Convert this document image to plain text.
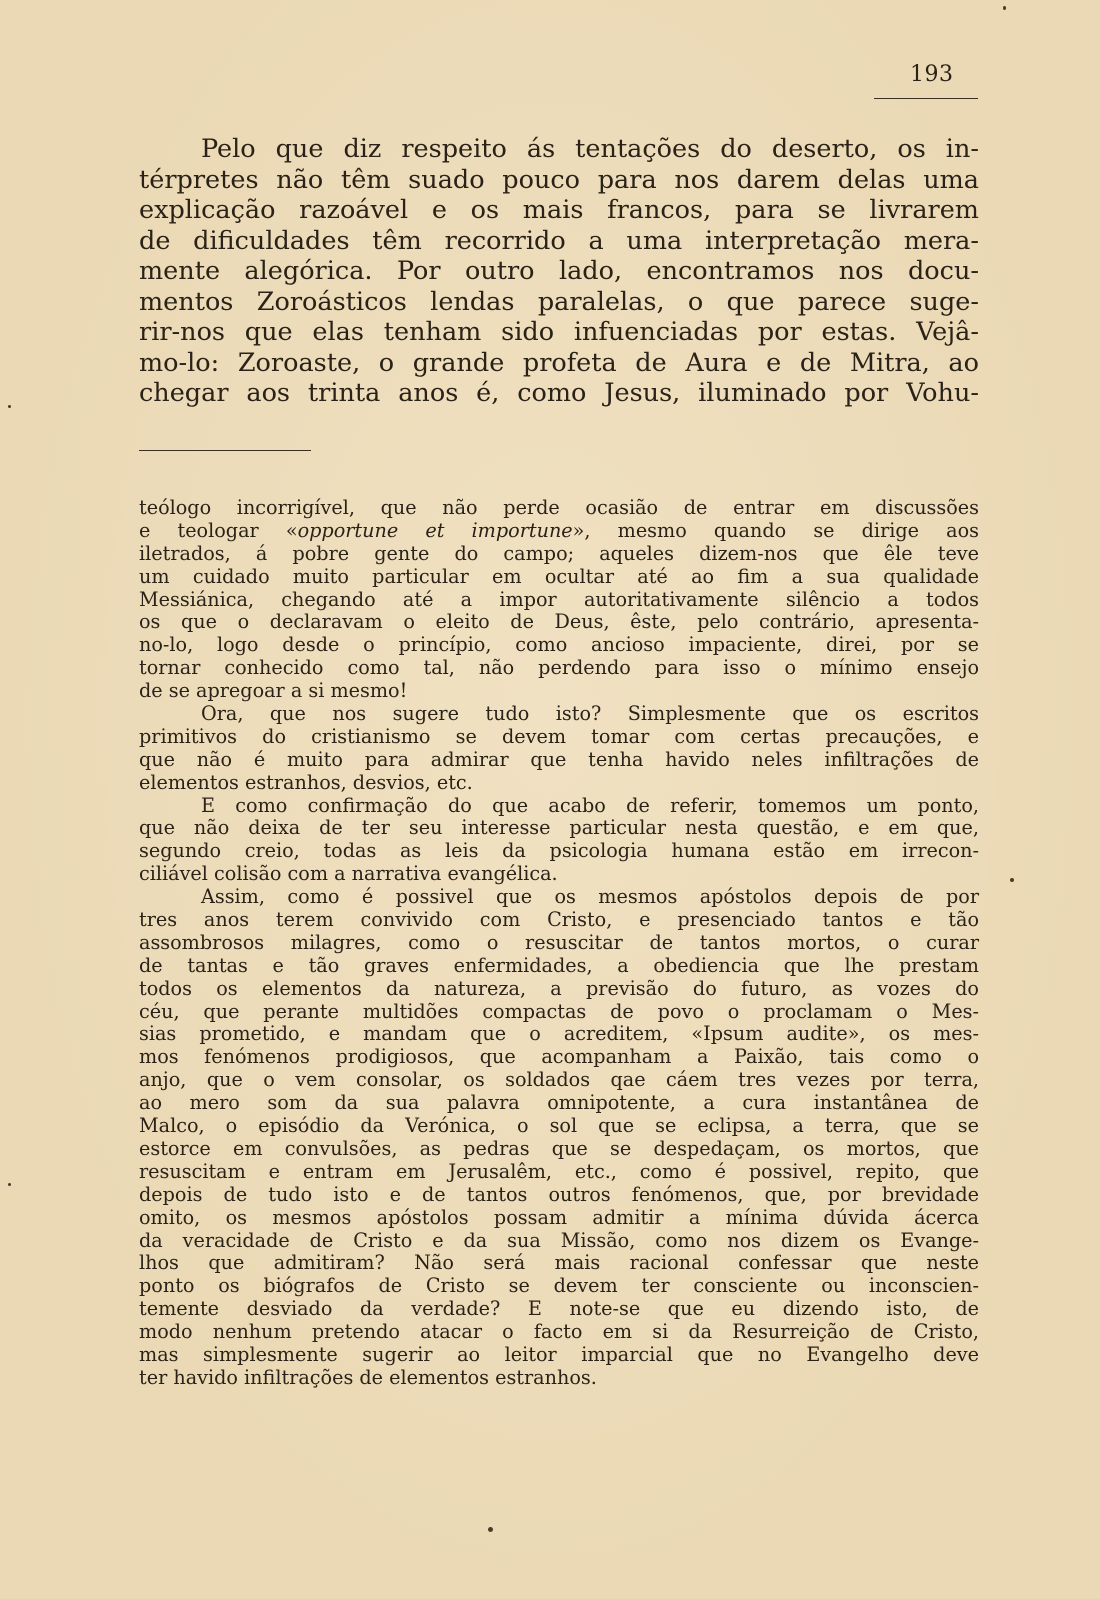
193
Pelo que diz respeito ás tentações do deserto, os in-
térpretes não têm suado pouco para nos darem delas uma
explicação razoável e os mais francos, para se livrarem
de dificuldades têm recorrido a uma interpretação mera-
mente alegórica. Por outro lado, encontramos nos docu-
mentos Zoroásticos lendas paralelas, o que parece suge-
rir-nos que elas tenham sido infuenciadas por estas. Vejâ-
mo-lo: Zoroaste, o grande profeta de Aura e de Mitra, ao
chegar aos trinta anos é, como Jesus, iluminado por Vohu-
teólogo incorrigível, que não perde ocasião de entrar em discussões
e teologar «opportune et importune», mesmo quando se dirige aos
iletrados, á pobre gente do campo; aqueles dizem-nos que êle teve
um cuidado muito particular em ocultar até ao fim a sua qualidade
Messiánica, chegando até a impor autoritativamente silêncio a todos
os que o declaravam o eleito de Deus, êste, pelo contrário, apresenta-
no-lo, logo desde o princípio, como ancioso impaciente, direi, por se
tornar conhecido como tal, não perdendo para isso o mínimo ensejo
de se apregoar a si mesmo!
Ora, que nos sugere tudo isto? Simplesmente que os escritos
primitivos do cristianismo se devem tomar com certas precauções, e
que não é muito para admirar que tenha havido neles infiltrações de
elementos estranhos, desvios, etc.
E como confirmação do que acabo de referir, tomemos um ponto,
que não deixa de ter seu interesse particular nesta questão, e em que,
segundo creio, todas as leis da psicologia humana estão em irrecon-
ciliável colisão com a narrativa evangélica.
Assim, como é possivel que os mesmos apóstolos depois de por
tres anos terem convivido com Cristo, e presenciado tantos e tão
assombrosos milagres, como o resuscitar de tantos mortos, o curar
de tantas e tão graves enfermidades, a obediencia que lhe prestam
todos os elementos da natureza, a previsão do futuro, as vozes do
céu, que perante multidões compactas de povo o proclamam o Mes-
sias prometido, e mandam que o acreditem, «Ipsum audite», os mes-
mos fenómenos prodigiosos, que acompanham a Paixão, tais como o
anjo, que o vem consolar, os soldados qae cáem tres vezes por terra,
ao mero som da sua palavra omnipotente, a cura instantânea de
Malco, o episódio da Verónica, o sol que se eclipsa, a terra, que se
estorce em convulsões, as pedras que se despedaçam, os mortos, que
resuscitam e entram em Jerusalêm, etc., como é possivel, repito, que
depois de tudo isto e de tantos outros fenómenos, que, por brevidade
omito, os mesmos apóstolos possam admitir a mínima dúvida ácerca
da veracidade de Cristo e da sua Missão, como nos dizem os Evange-
lhos que admitiram? Não será mais racional confessar que neste
ponto os biógrafos de Cristo se devem ter consciente ou inconscien-
temente desviado da verdade? E note-se que eu dizendo isto, de
modo nenhum pretendo atacar o facto em si da Resurreição de Cristo,
mas simplesmente sugerir ao leitor imparcial que no Evangelho deve
ter havido infiltrações de elementos estranhos.
